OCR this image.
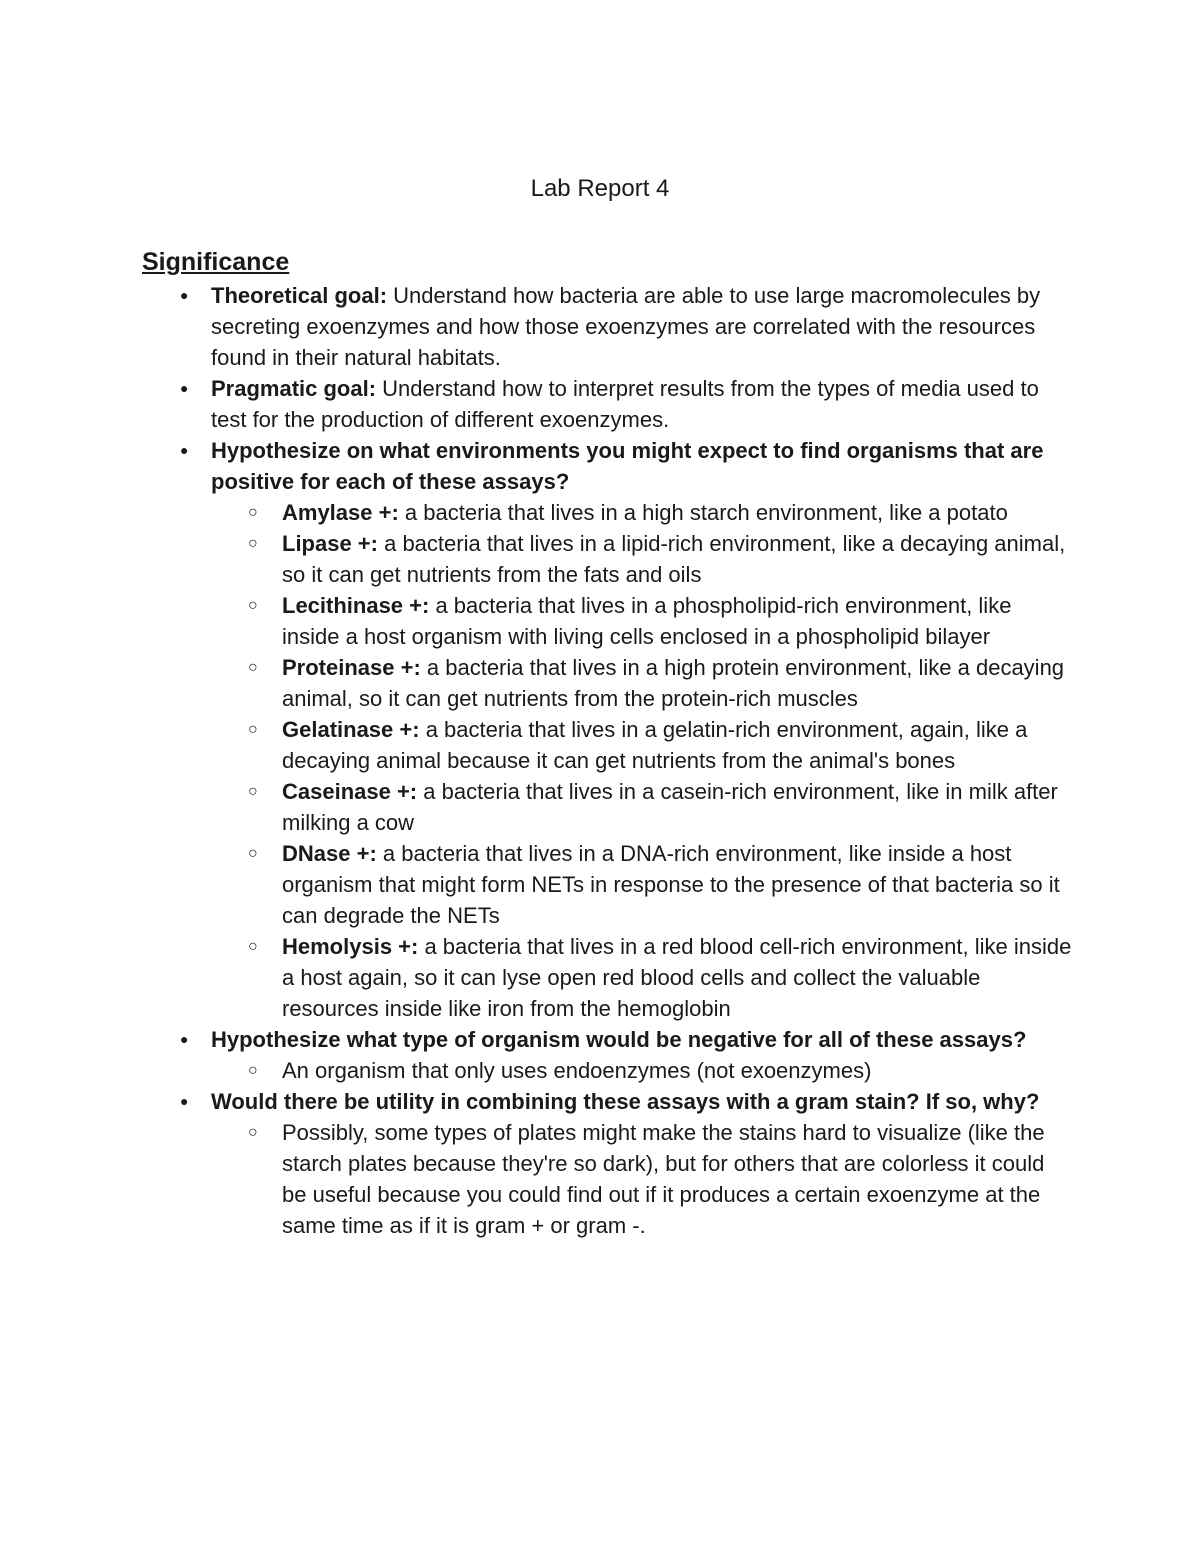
Lab Report 4
Significance
● Theoretical goal: Understand how bacteria are able to use large macromolecules by secreting exoenzymes and how those exoenzymes are correlated with the resources found in their natural habitats.
● Pragmatic goal: Understand how to interpret results from the types of media used to test for the production of different exoenzymes.
● Hypothesize on what environments you might expect to find organisms that are positive for each of these assays?
○ Amylase +: a bacteria that lives in a high starch environment, like a potato
○ Lipase +: a bacteria that lives in a lipid-rich environment, like a decaying animal, so it can get nutrients from the fats and oils
○ Lecithinase +: a bacteria that lives in a phospholipid-rich environment, like inside a host organism with living cells enclosed in a phospholipid bilayer
○ Proteinase +: a bacteria that lives in a high protein environment, like a decaying animal, so it can get nutrients from the protein-rich muscles
○ Gelatinase +: a bacteria that lives in a gelatin-rich environment, again, like a decaying animal because it can get nutrients from the animal's bones
○ Caseinase +: a bacteria that lives in a casein-rich environment, like in milk after milking a cow
○ DNase +: a bacteria that lives in a DNA-rich environment, like inside a host organism that might form NETs in response to the presence of that bacteria so it can degrade the NETs
○ Hemolysis +: a bacteria that lives in a red blood cell-rich environment, like inside a host again, so it can lyse open red blood cells and collect the valuable resources inside like iron from the hemoglobin
● Hypothesize what type of organism would be negative for all of these assays?
○ An organism that only uses endoenzymes (not exoenzymes)
● Would there be utility in combining these assays with a gram stain? If so, why?
○ Possibly, some types of plates might make the stains hard to visualize (like the starch plates because they're so dark), but for others that are colorless it could be useful because you could find out if it produces a certain exoenzyme at the same time as if it is gram + or gram -.
